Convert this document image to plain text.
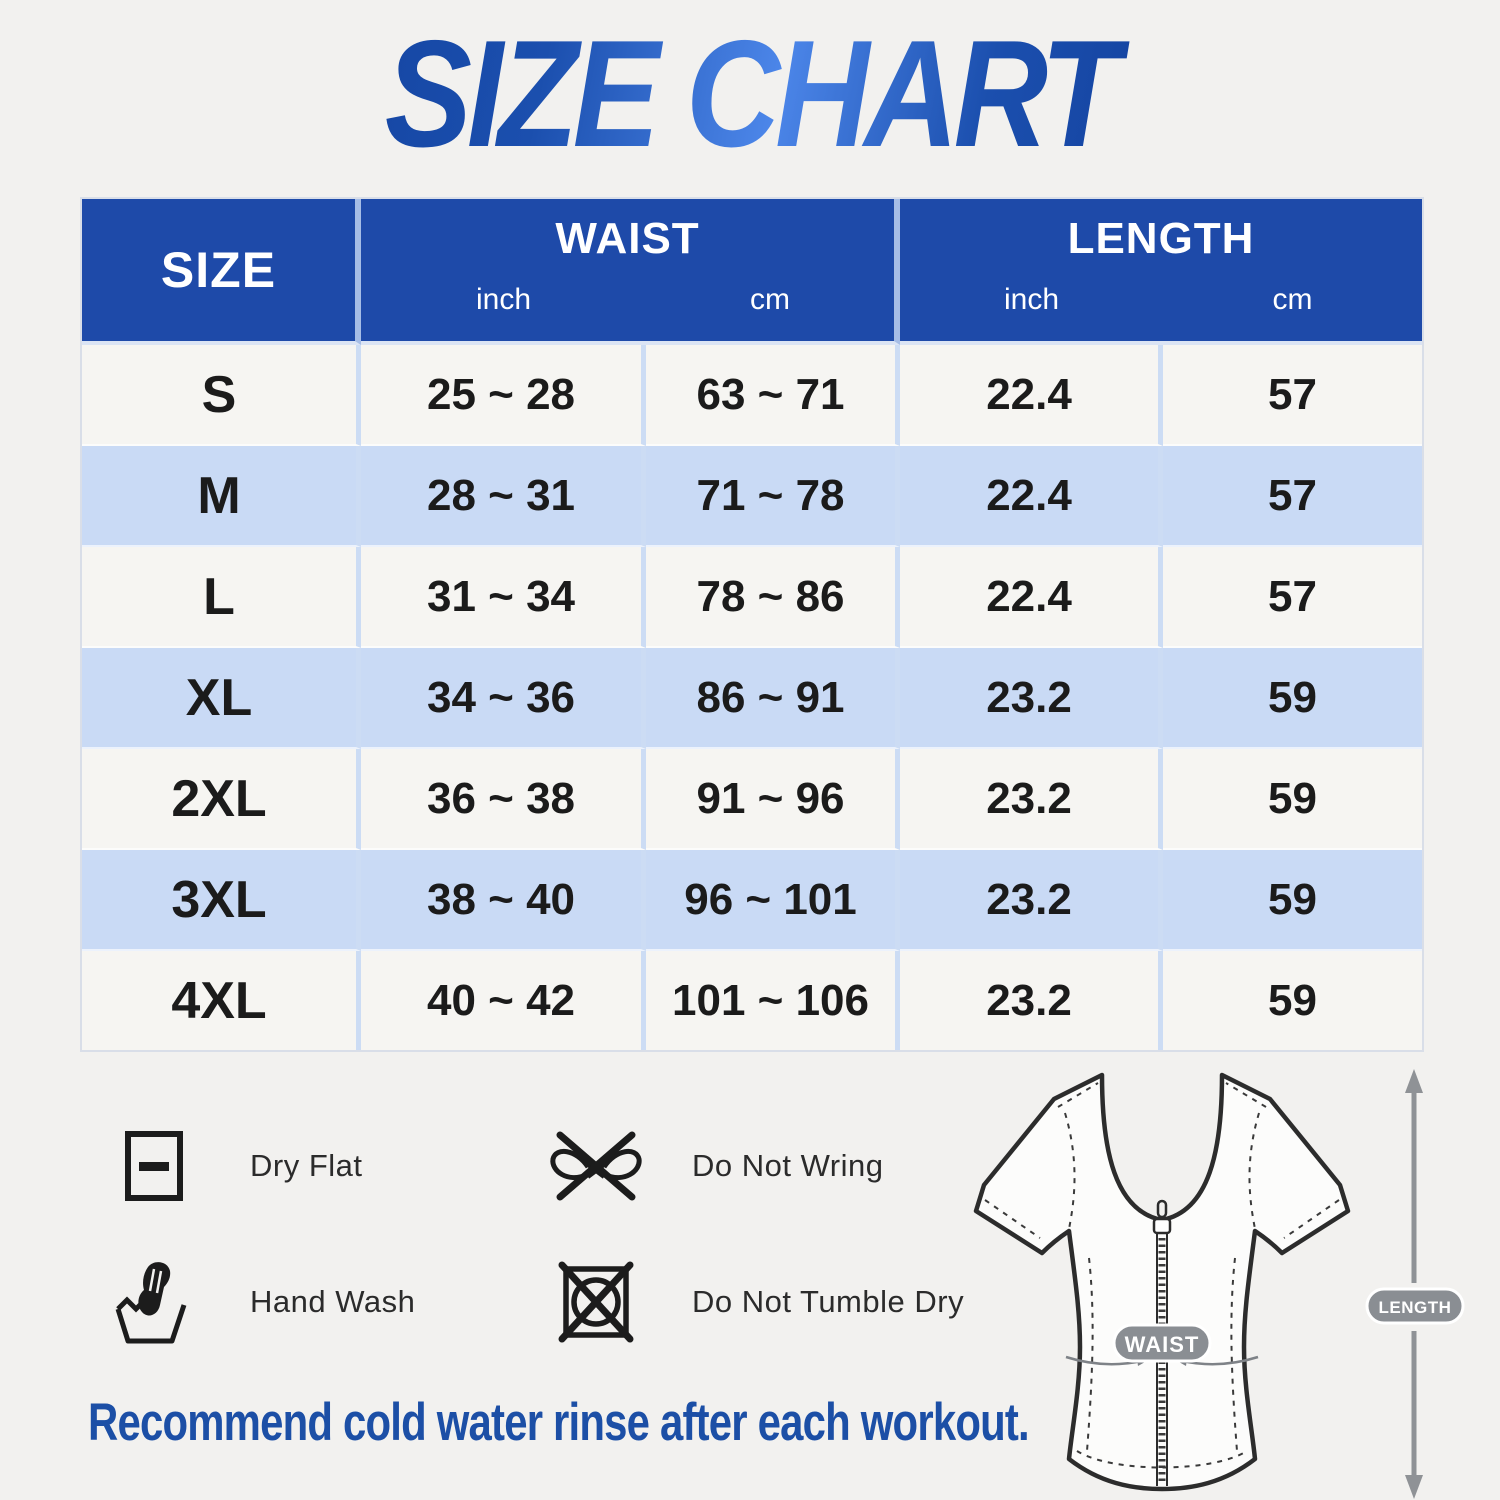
SIZE CHART
SIZE	WAIST		LENGTH	
	inch	cm	inch	cm
S	25 ~ 28	63 ~ 71	22.4	57
M	28 ~ 31	71 ~ 78	22.4	57
L	31 ~ 34	78 ~ 86	22.4	57
XL	34 ~ 36	86 ~ 91	23.2	59
2XL	36 ~ 38	91 ~ 96	23.2	59
3XL	38 ~ 40	96 ~ 101	23.2	59
4XL	40 ~ 42	101 ~ 106	23.2	59
Dry Flat	Do Not Wring
Hand Wash	Do Not Tumble Dry
WAIST
LENGTH
Recommend cold water rinse after each workout.
